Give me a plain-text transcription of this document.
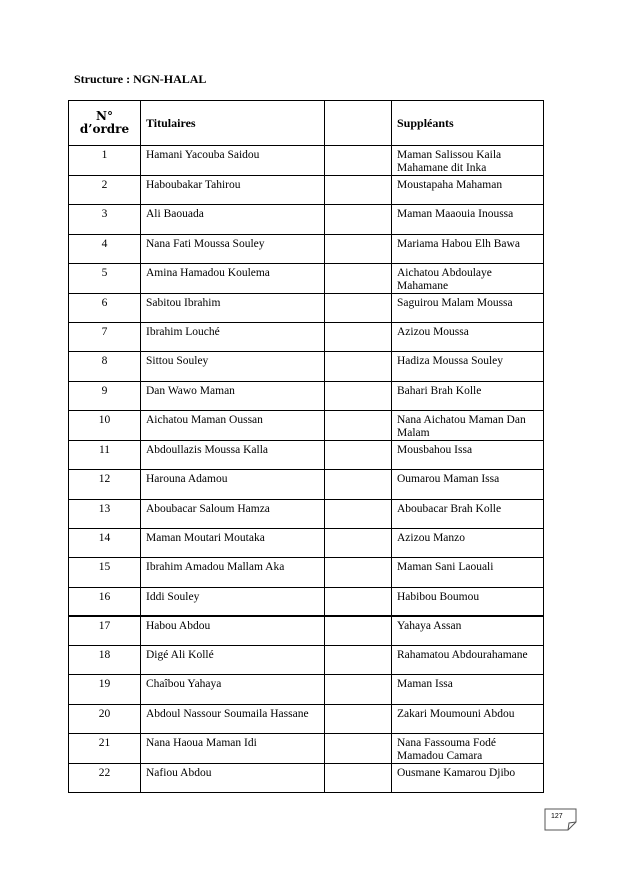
Structure : NGN-HALAL
N° d’ordre	Titulaires		Suppléants
1	Hamani Yacouba Saidou		Maman Salissou Kaila Mahamane dit Inka
2	Haboubakar Tahirou		Moustapaha Mahaman
3	Ali Baouada		Maman Maaouia Inoussa
4	Nana Fati Moussa Souley		Mariama Habou Elh Bawa
5	Amina Hamadou Koulema		Aichatou Abdoulaye Mahamane
6	Sabitou Ibrahim		Saguirou Malam Moussa
7	Ibrahim Louché		Azizou Moussa
8	Sittou Souley		Hadiza Moussa Souley
9	Dan Wawo Maman		Bahari Brah Kolle
10	Aichatou Maman Oussan		Nana Aichatou Maman Dan Malam
11	Abdoullazis Moussa Kalla		Mousbahou Issa
12	Harouna Adamou		Oumarou Maman Issa
13	Aboubacar Saloum Hamza		Aboubacar Brah Kolle
14	Maman Moutari Moutaka		Azizou Manzo
15	Ibrahim Amadou Mallam Aka		Maman Sani Laouali
16	Iddi Souley		Habibou Boumou
17	Habou Abdou		Yahaya Assan
18	Digé Ali Kollé		Rahamatou Abdourahamane
19	Chaîbou Yahaya		Maman Issa
20	Abdoul Nassour Soumaila Hassane		Zakari Moumouni Abdou
21	Nana Haoua Maman Idi		Nana Fassouma Fodé Mamadou Camara
22	Nafiou Abdou		Ousmane Kamarou Djibo
127
